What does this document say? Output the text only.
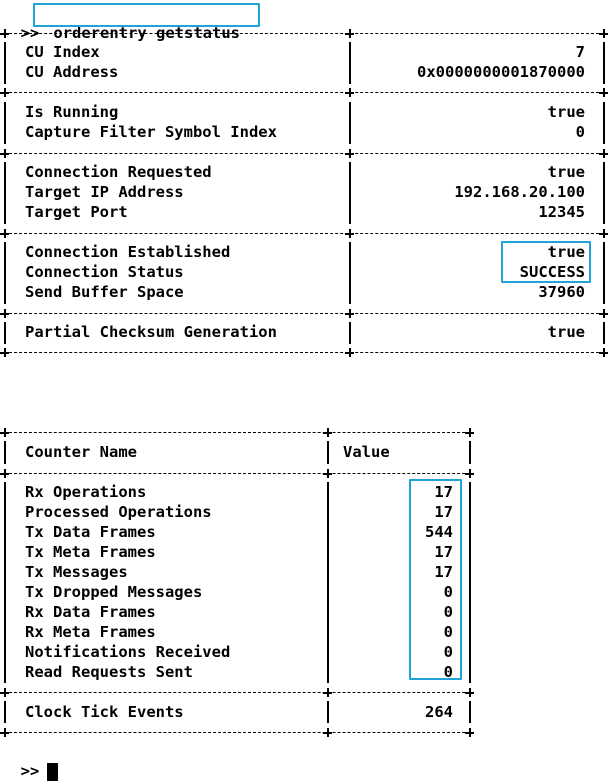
>> orderentry getstatus

CU Index	7
CU Address	0x0000000001870000
Is Running	true
Capture Filter Symbol Index	0
Connection Requested	true
Target IP Address	192.168.20.100
Target Port	12345
Connection Established	true
Connection Status	SUCCESS
Send Buffer Space	37960
Partial Checksum Generation	true
Counter Name	Value
Rx Operations	17
Processed Operations	17
Tx Data Frames	544
Tx Meta Frames	17
Tx Messages	17
Tx Dropped Messages	0
Rx Data Frames	0
Rx Meta Frames	0
Notifications Received	0
Read Requests Sent	0
Clock Tick Events	264

>>
